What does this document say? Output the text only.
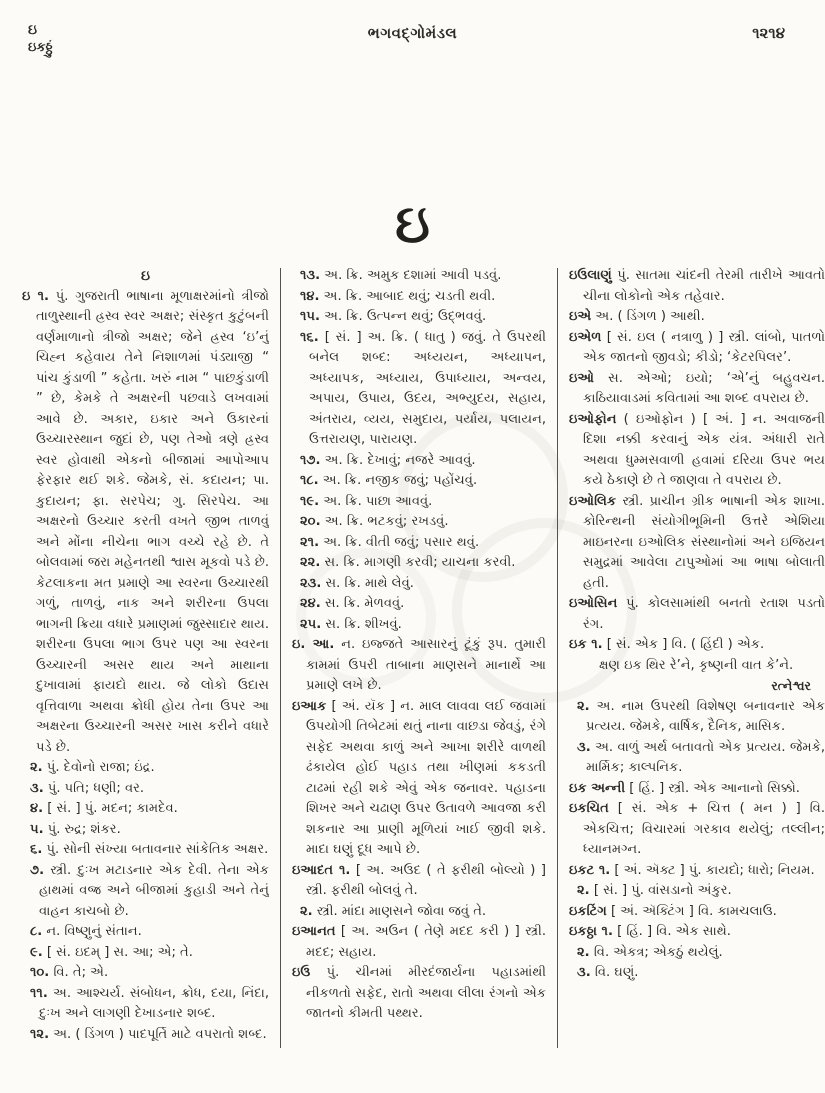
ઇ
ઇકઠ્ઠું
ભગવદ્ગોમંડલ	૧૨૧૪
ઇ

ઇ

ઇ ૧. પું. ગુજરાતી ભાષાના મૂળાક્ષરમાંનો ત્રીજો તાળુસ્થાની હ્રસ્વ સ્વર અક્ષર; સંસ્કૃત કુટુંબની વર્ણમાળાનો ત્રીજો અક્ષર; જેને હ્રસ્વ ‘ઇ’નું ચિહ્ન કહેવાય તેને નિશાળમાં પંડ્યાજી “ પાંચ કુંડાળી ” કહેતા. ખરું નામ “ પાછકુંડાળી ” છે, કેમકે તે અક્ષરની પછવાડે લખવામાં આવે છે. અકાર, ઇકાર અને ઉકારનાં ઉચ્ચારસ્થાન જુદાં છે, પણ તેઓ ત્રણે હ્રસ્વ સ્વર હોવાથી એકનો બીજામાં આપોઆપ ફેરફાર થઈ શકે. જેમકે, સં. કદાયન; પા. કુદાયન; ફા. સરપેચ; ગુ. સિરપેચ. આ અક્ષરનો ઉચ્ચાર કરતી વખતે જીભ તાળવું અને મોંના નીચેના ભાગ વચ્ચે રહે છે. તે બોલવામાં જરા મહેનતથી શ્વાસ મૂકવો પડે છે. કેટલાકના મત પ્રમાણે આ સ્વરના ઉચ્ચારથી ગળું, તાળવું, નાક અને શરીરના ઉપલા ભાગની ક્રિયા વધારે પ્રમાણમાં જુસ્સાદાર થાય. શરીરના ઉપલા ભાગ ઉપર પણ આ સ્વરના ઉચ્ચારની અસર થાય અને માથાના દુખાવામાં ફાયદો થાય. જે લોકો ઉદાસ વૃત્તિવાળા અથવા ક્રોધી હોય તેના ઉપર આ અક્ષરના ઉચ્ચારની અસર ખાસ કરીને વધારે પડે છે.

૨. પું. દેવોનો રાજા; ઇંદ્ર.

૩. પું. પતિ; ધણી; વર.

૪. [ સં. ] પું. મદન; કામદેવ.

૫. પું. રુદ્ર; શંકર.

૬. પું. સોની સંખ્યા બતાવનાર સાંકેતિક અક્ષર.

૭. સ્ત્રી. દુઃખ મટાડનાર એક દેવી. તેના એક હાથમાં વજ્ર અને બીજામાં કુહાડી અને તેનું વાહન કાચબો છે.

૮. ન. વિષ્ણુનું સંતાન.

૯. [ સં. ઇદમ્ ] સ. આ; એ; તે.

૧૦. વિ. તે; એ.

૧૧. અ. આશ્ચર્ય. સંબોધન, ક્રોધ, દયા, નિંદા, દુઃખ અને લાગણી દેખાડનાર શબ્દ.

૧૨. અ. ( ડિંગળ ) પાદપૂર્તિ માટે વપરાતો શબ્દ.

૧૩. અ. ક્રિ. અમુક દશામાં આવી પડવું.

૧૪. અ. ક્રિ. આબાદ થવું; ચડતી થવી.

૧૫. અ. ક્રિ. ઉત્પન્ન થવું; ઉદ્ભવવું.

૧૬. [ સં. ] અ. ક્રિ. ( ધાતુ ) જવું. તે ઉપરથી બનેલ શબ્દ: અધ્યયન, અધ્યાપન, અધ્યાપક, અધ્યાય, ઉપાધ્યાય, અન્વય, અપાય, ઉપાય, ઉદય, અભ્યુદય, સહાય, અંતરાય, વ્યય, સમુદાય, પર્યાય, પલાયન, ઉત્તરાયણ, પારાયણ.

૧૭. અ. ક્રિ. દેખાવું; નજરે આવવું.

૧૮. અ. ક્રિ. નજીક જવું; પહોંચવું.

૧૯. અ. ક્રિ. પાછા આવવું.

૨૦. અ. ક્રિ. ભટકવું; રખડવું.

૨૧. અ. ક્રિ. વીતી જવું; પસાર થવું.

૨૨. સ. ક્રિ. માગણી કરવી; યાચના કરવી.

૨૩. સ. ક્રિ. માથે લેવું.

૨૪. સ. ક્રિ. મેળવવું.

૨૫. સ. ક્રિ. શીખવું.

ઇ. આ. ન. ઇજ્જતે આસારનું ટૂંકું રૂપ. તુમારી કામમાં ઉપરી તાબાના માણસને માનાર્થે આ પ્રમાણે લખે છે.

ઇઆક [ અં. યૅક ] ન. માલ લાવવા લઈ જવામાં ઉપયોગી તિબેટમાં થતું નાના વાછડા જેવડું, રંગે સફેદ અથવા કાળું અને આખા શરીરે વાળથી ઢંકાયેલ હોઈ પહાડ તથા ખીણમાં કકડતી ટાઢમાં રહી શકે એવું એક જનાવર. પહાડના શિખર અને ચઢાણ ઉપર ઉતાવળે આવજા કરી શકનાર આ પ્રાણી મૂળિયાં ખાઈ જીવી શકે. માદા ઘણું દૂધ આપે છે.

ઇઆદત ૧. [ અ. અઉદ ( તે ફરીથી બોલ્યો ) ] સ્ત્રી. ફરીથી બોલવું તે.

૨. સ્ત્રી. માંદા માણસને જોવા જવું તે.

ઇઆનત [ અ. અઉન ( તેણે મદદ કરી ) ] સ્ત્રી. મદદ; સહાય.

ઇઉ પું. ચીનમાં મીરદંજાર્યના પહાડમાંથી નીકળતો સફેદ, રાતો અથવા લીલા રંગનો એક જાતનો કીમતી પથ્થર.

ઇઉલાણું પું. સાતમા ચાંદની તેરમી તારીખે આવતો ચીના લોકોનો એક તહેવાર.

ઇએ અ. ( ડિંગળ ) આથી.

ઇએળ [ સં. ઇલ ( નત્રાળુ ) ] સ્ત્રી. લાંબો, પાતળો એક જાતનો જીવડો; કીડો; ‘કેટરપિલર’.

ઇઓ સ. એઓ; ઇયો; ‘એ’નું બહુવચન. કાઠિયાવાડમાં કવિતામાં આ શબ્દ વપરાય છે.

ઇઓફોન ( ઇઓફોન ) [ અં. ] ન. અવાજની દિશા નક્કી કરવાનું એક યંત્ર. અંધારી રાતે અથવા ધુમ્મસવાળી હવામાં દરિયા ઉપર ભય કયે ઠેકાણે છે તે જાણવા તે વપરાય છે.

ઇઓલિક સ્ત્રી. પ્રાચીન ગ્રીક ભાષાની એક શાખા. કોરિન્થની સંયોગીભૂમિની ઉત્તરે એશિયા માઇનરના ઇઓલિક સંસ્થાનોમાં અને ઇજિયન સમુદ્રમાં આવેલા ટાપુઓમાં આ ભાષા બોલાતી હતી.

ઇઓસિન પું. કોલસામાંથી બનતો રતાશ પડતો રંગ.

ઇક ૧. [ સં. એક ] વિ. ( હિંદી ) એક.

ક્ષણ ઇક થિર રે’ને, કૃષ્ણની વાત કે’ને.

રત્નેશ્વર

૨. અ. નામ ઉપરથી વિશેષણ બનાવનાર એક પ્રત્યય. જેમકે, વાર્ષિક, દૈનિક, માસિક.

૩. અ. વાળું અર્થ બતાવતો એક પ્રત્યય. જેમકે, માર્મિક; કાલ્પનિક.

ઇક અન્ની [ હિં. ] સ્ત્રી. એક આનાનો સિક્કો.

ઇકચિત [ સં. એક + ચિત્ત ( મન ) ] વિ. એકચિત્ત; વિચારમાં ગરકાવ થયેલું; તલ્લીન; ધ્યાનમગ્ન.

ઇકટ ૧. [ અં. ઍક્ટ ] પું. કાયદો; ધારો; નિયમ.

૨. [ સં. ] પું. વાંસડાનો અંકુર.

ઇકટિંગ [ અં. ઍક્ટિંગ ] વિ. કામચલાઉ.

ઇકઠ્ઠા ૧. [ હિં. ] વિ. એક સાથે.

૨. વિ. એકત્ર; એકઠું થયેલું.

૩. વિ. ઘણું.
